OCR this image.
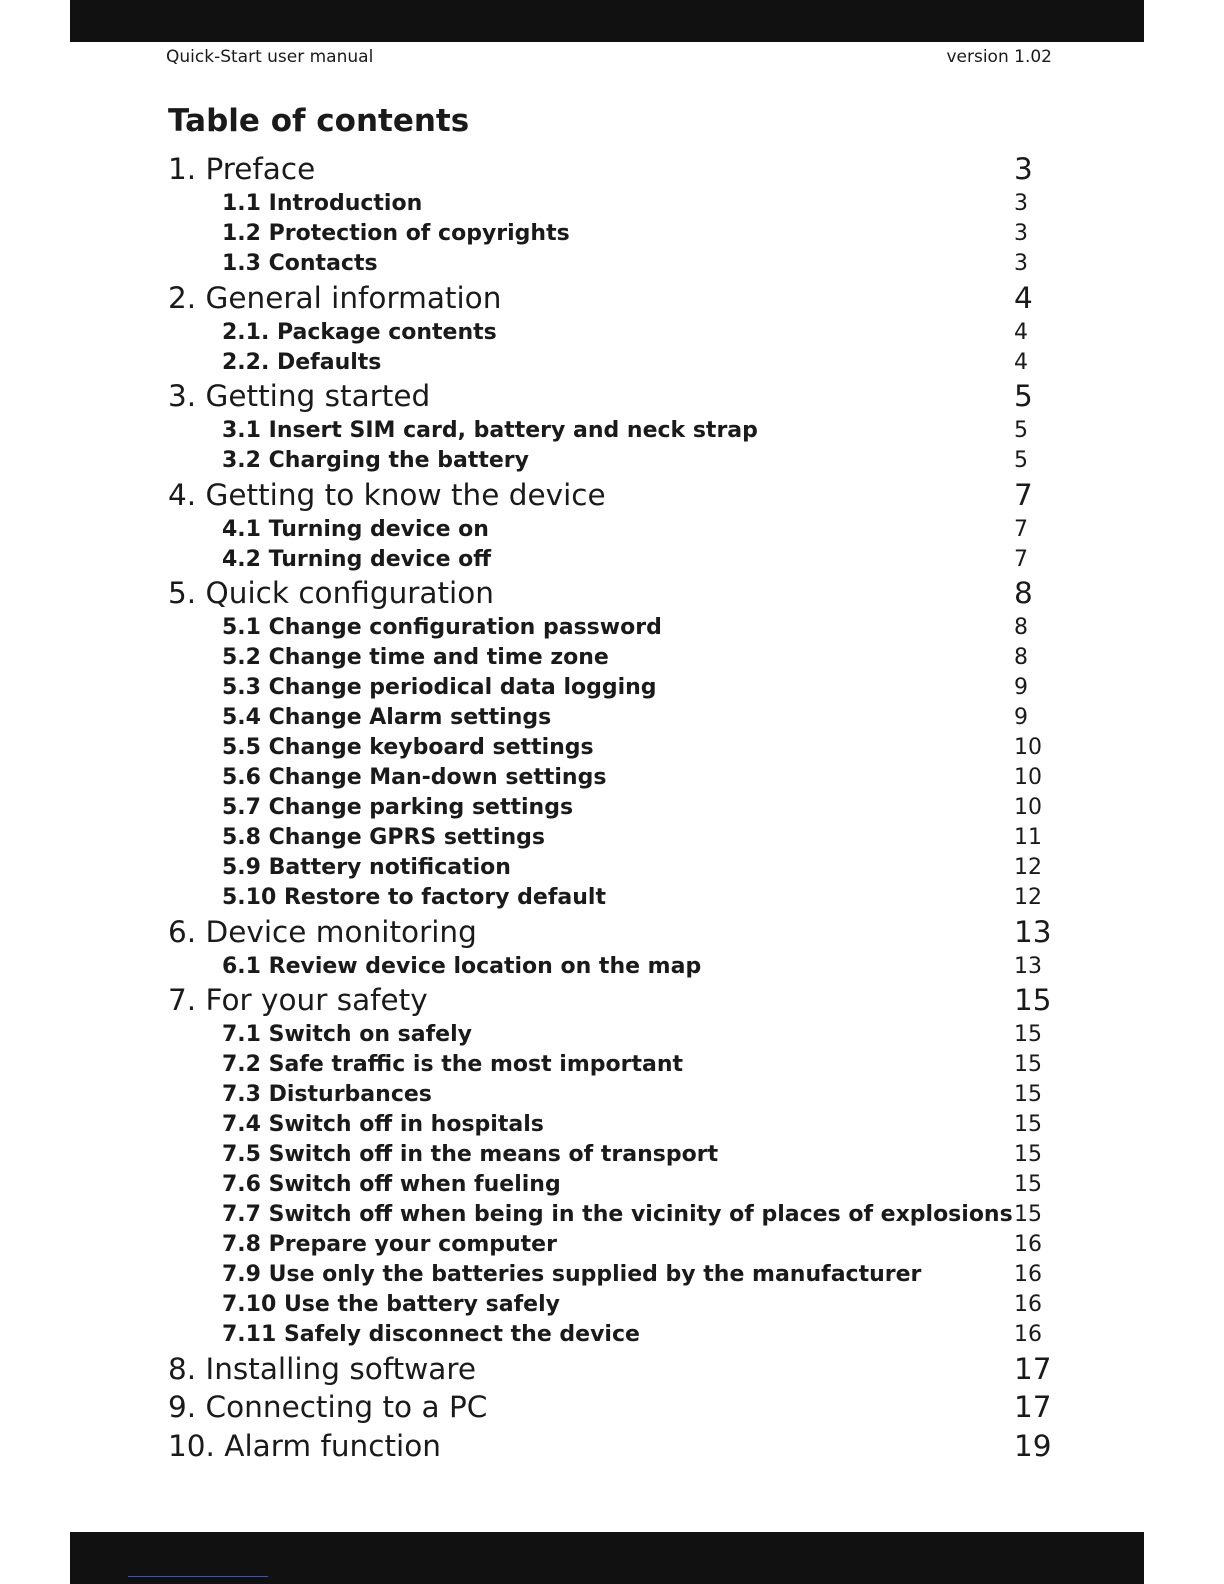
Quick-Start user manual	version 1.02
Table of contents
1. Preface	3
1.1 Introduction	3
1.2 Protection of copyrights	3
1.3 Contacts	3
2. General information	4
2.1. Package contents	4
2.2. Defaults	4
3. Getting started	5
3.1 Insert SIM card, battery and neck strap	5
3.2 Charging the battery	5
4. Getting to know the device	7
4.1 Turning device on	7
4.2 Turning device off	7
5. Quick configuration	8
5.1 Change configuration password	8
5.2 Change time and time zone	8
5.3 Change periodical data logging	9
5.4 Change Alarm settings	9
5.5 Change keyboard settings	10
5.6 Change Man-down settings	10
5.7 Change parking settings	10
5.8 Change GPRS settings	11
5.9 Battery notification	12
5.10 Restore to factory default	12
6. Device monitoring	13
6.1 Review device location on the map	13
7. For your safety	15
7.1 Switch on safely	15
7.2 Safe traffic is the most important	15
7.3 Disturbances	15
7.4 Switch off in hospitals	15
7.5 Switch off in the means of transport	15
7.6 Switch off when fueling	15
7.7 Switch off when being in the vicinity of places of explosions 15
7.8 Prepare your computer	16
7.9 Use only the batteries supplied by the manufacturer	16
7.10 Use the battery safely	16
7.11 Safely disconnect the device	16
8. Installing software	17
9. Connecting to a PC	17
10. Alarm function	19
